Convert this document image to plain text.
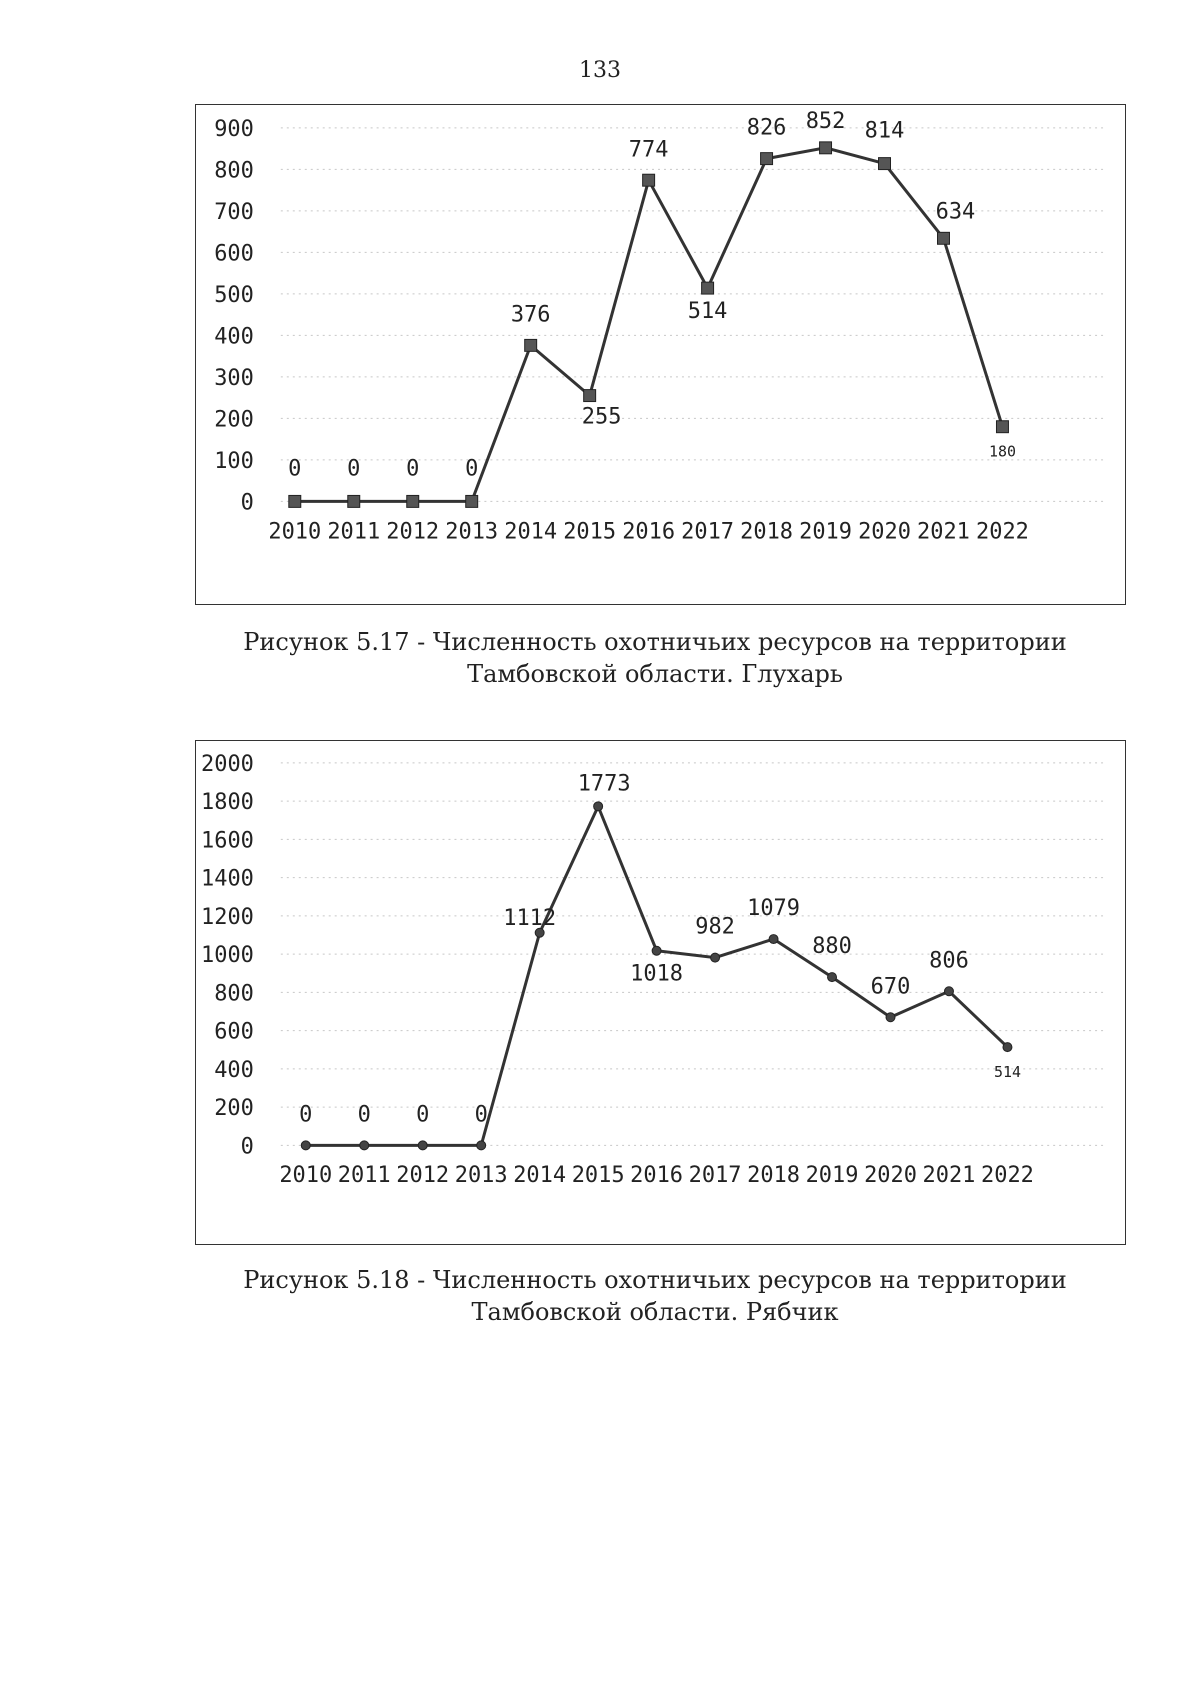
133
0
100
200
300
400
500
600
700
800
900
2010 2011 2012 2013 2014 2015 2016 2017 2018 2019 2020 2021 2022
0 0 0 0
376
255
774
514
826 852 814
634
180
Рисунок 5.17 - Численность охотничьих ресурсов на территории Тамбовской области. Глухарь
0
200
400
600
800
1000
1200
1400
1600
1800
2000
2010 2011 2012 2013 2014 2015 2016 2017 2018 2019 2020 2021 2022
0 0 0 0
1112
1773
1018
982
1079
880
670
806
514
Рисунок 5.18 - Численность охотничьих ресурсов на территории Тамбовской области. Рябчик
